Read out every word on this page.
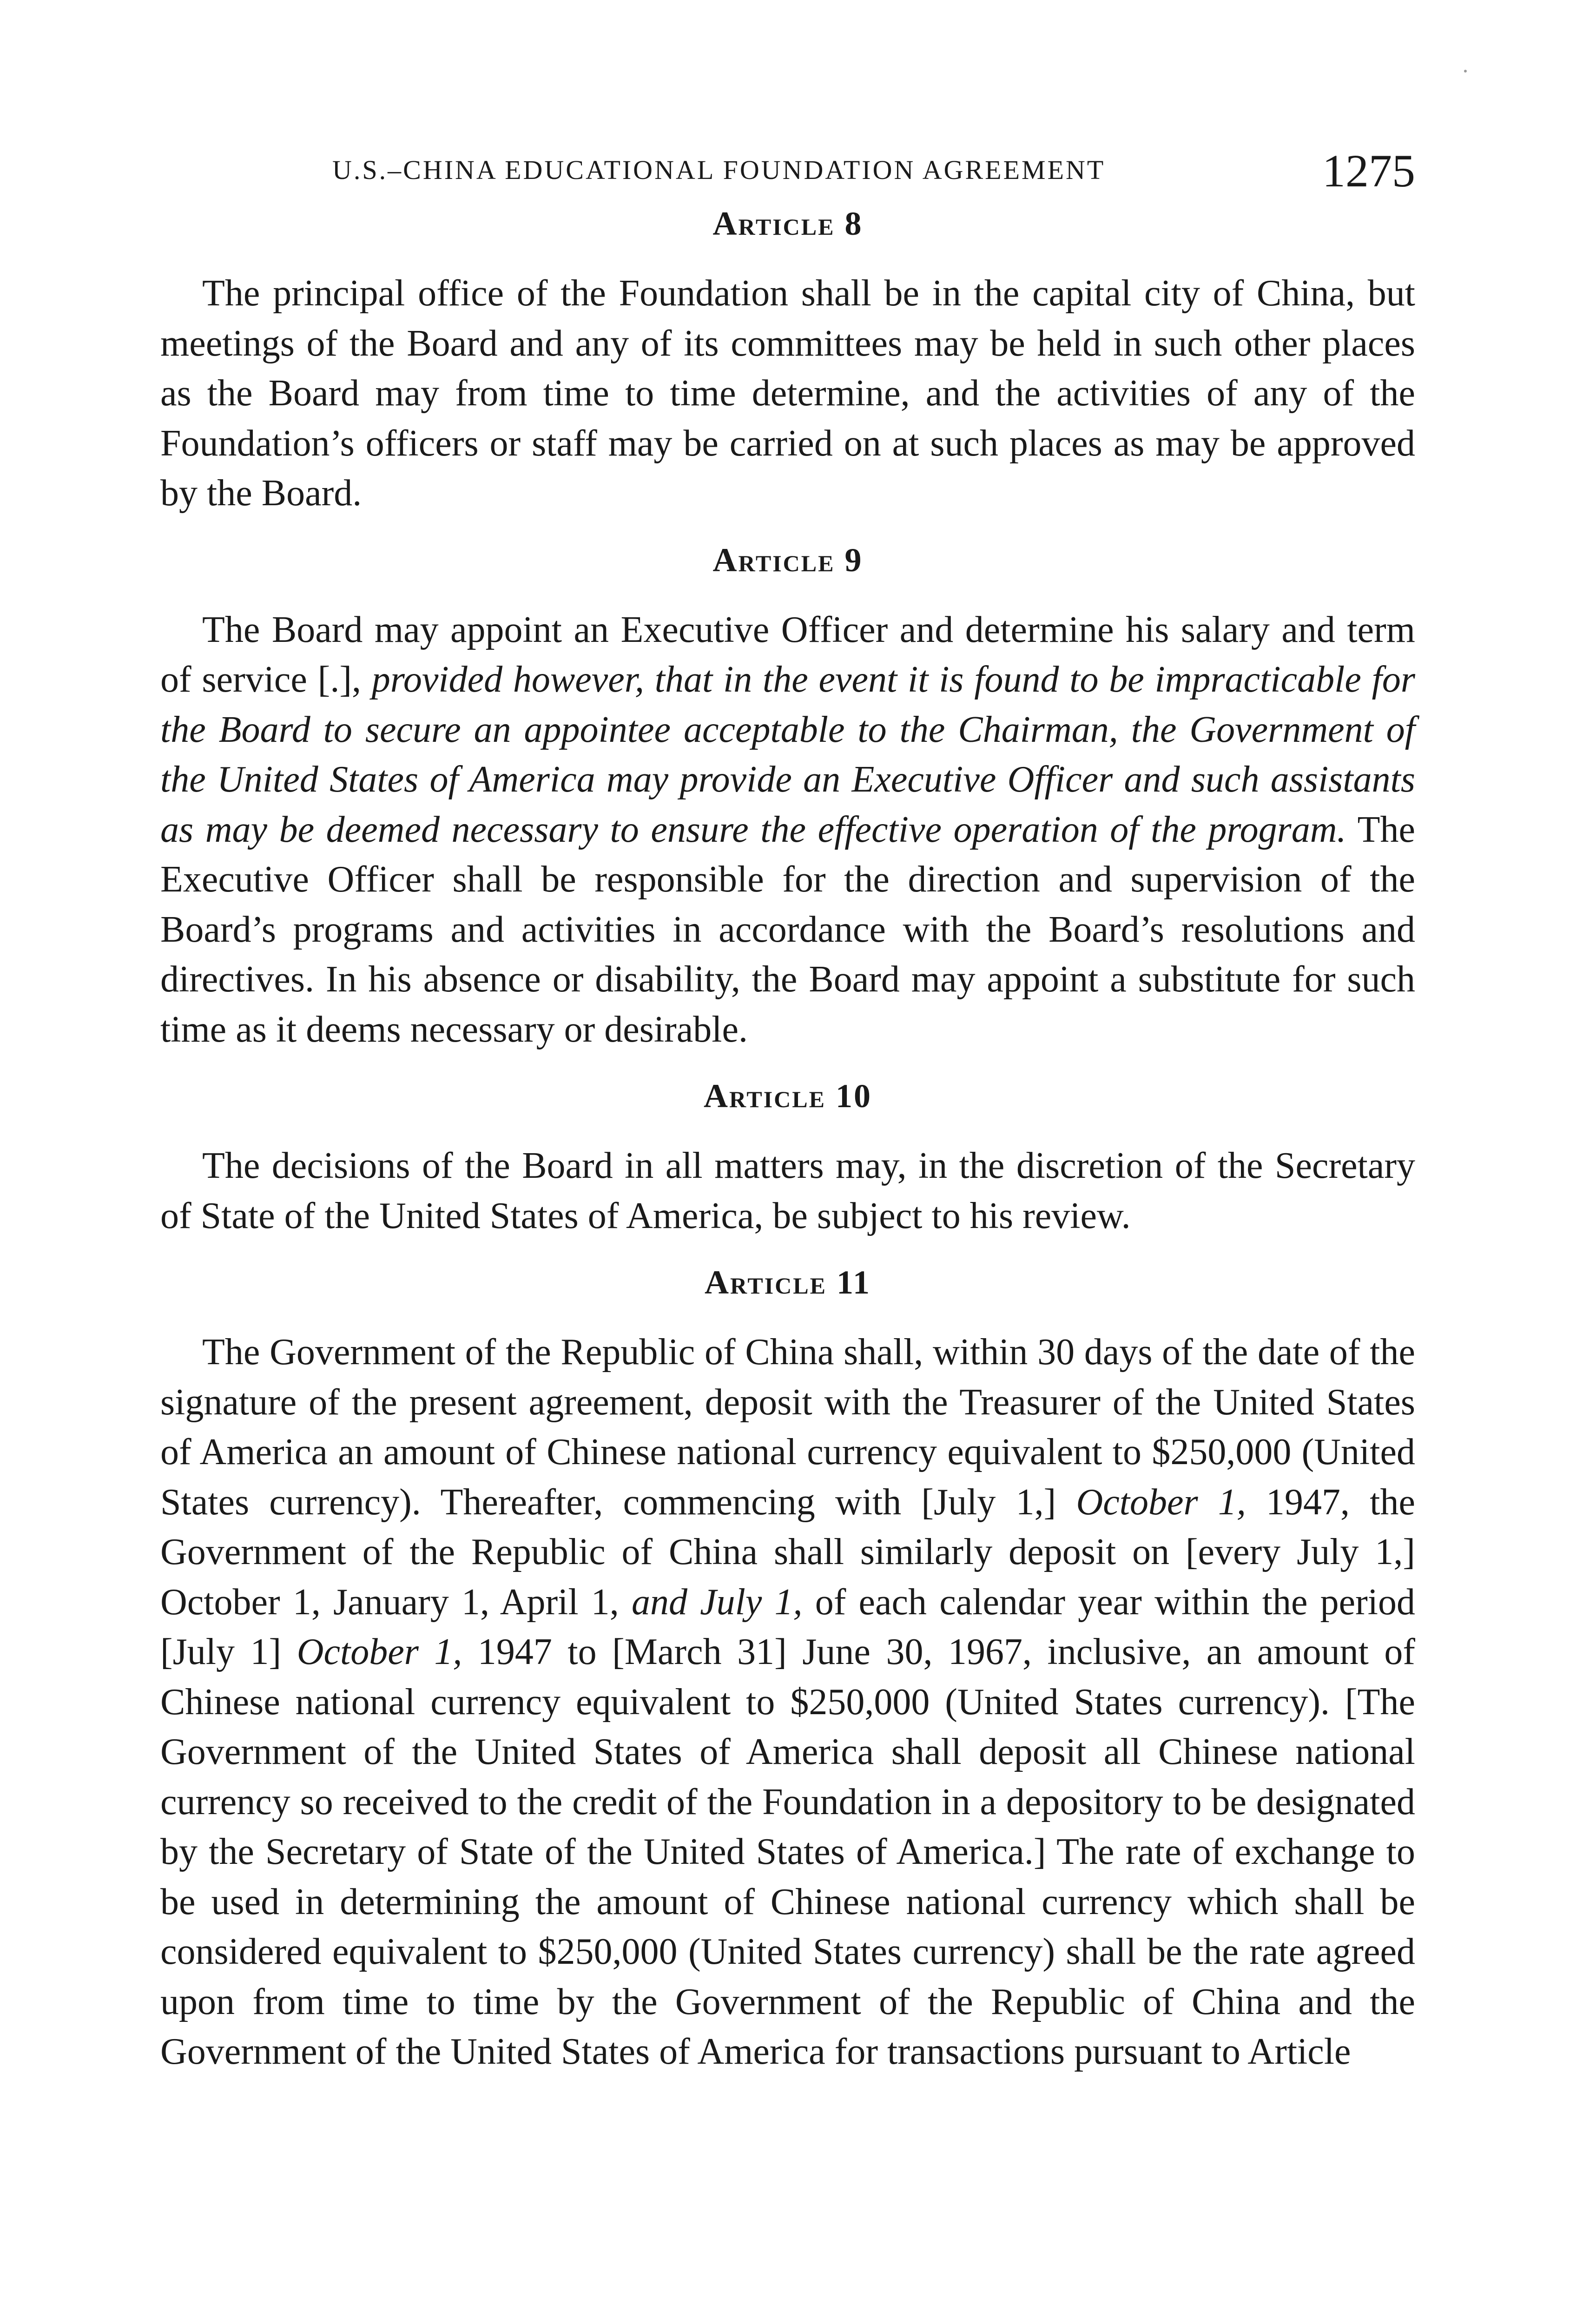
U.S.–CHINA EDUCATIONAL FOUNDATION AGREEMENT	1275
Article 8

The principal office of the Foundation shall be in the capital city of China, but meetings of the Board and any of its committees may be held in such other places as the Board may from time to time determine, and the activities of any of the Foundation’s officers or staff may be carried on at such places as may be approved by the Board.

Article 9

The Board may appoint an Executive Officer and determine his salary and term of service [.], provided however, that in the event it is found to be impracticable for the Board to secure an appointee acceptable to the Chairman, the Government of the United States of America may provide an Executive Officer and such assistants as may be deemed necessary to ensure the effective operation of the program. The Executive Officer shall be responsible for the direction and supervision of the Board’s programs and activities in accordance with the Board’s resolutions and directives. In his absence or disability, the Board may appoint a substitute for such time as it deems necessary or desirable.

Article 10

The decisions of the Board in all matters may, in the discretion of the Secretary of State of the United States of America, be subject to his review.

Article 11

The Government of the Republic of China shall, within 30 days of the date of the signature of the present agreement, deposit with the Treasurer of the United States of America an amount of Chinese national currency equivalent to $250,000 (United States currency). Thereafter, commencing with [July 1,] October 1, 1947, the Government of the Republic of China shall similarly deposit on [every July 1,] October 1, January 1, April 1, and July 1, of each calendar year within the period [July 1] October 1, 1947 to [March 31] June 30, 1967, inclusive, an amount of Chinese national currency equivalent to $250,000 (United States currency). [The Government of the United States of America shall deposit all Chinese national currency so received to the credit of the Foundation in a depository to be designated by the Secretary of State of the United States of America.] The rate of exchange to be used in determining the amount of Chinese national currency which shall be considered equivalent to $250,000 (United States currency) shall be the rate agreed upon from time to time by the Government of the Republic of China and the Government of the United States of America for transactions pursuant to Article
